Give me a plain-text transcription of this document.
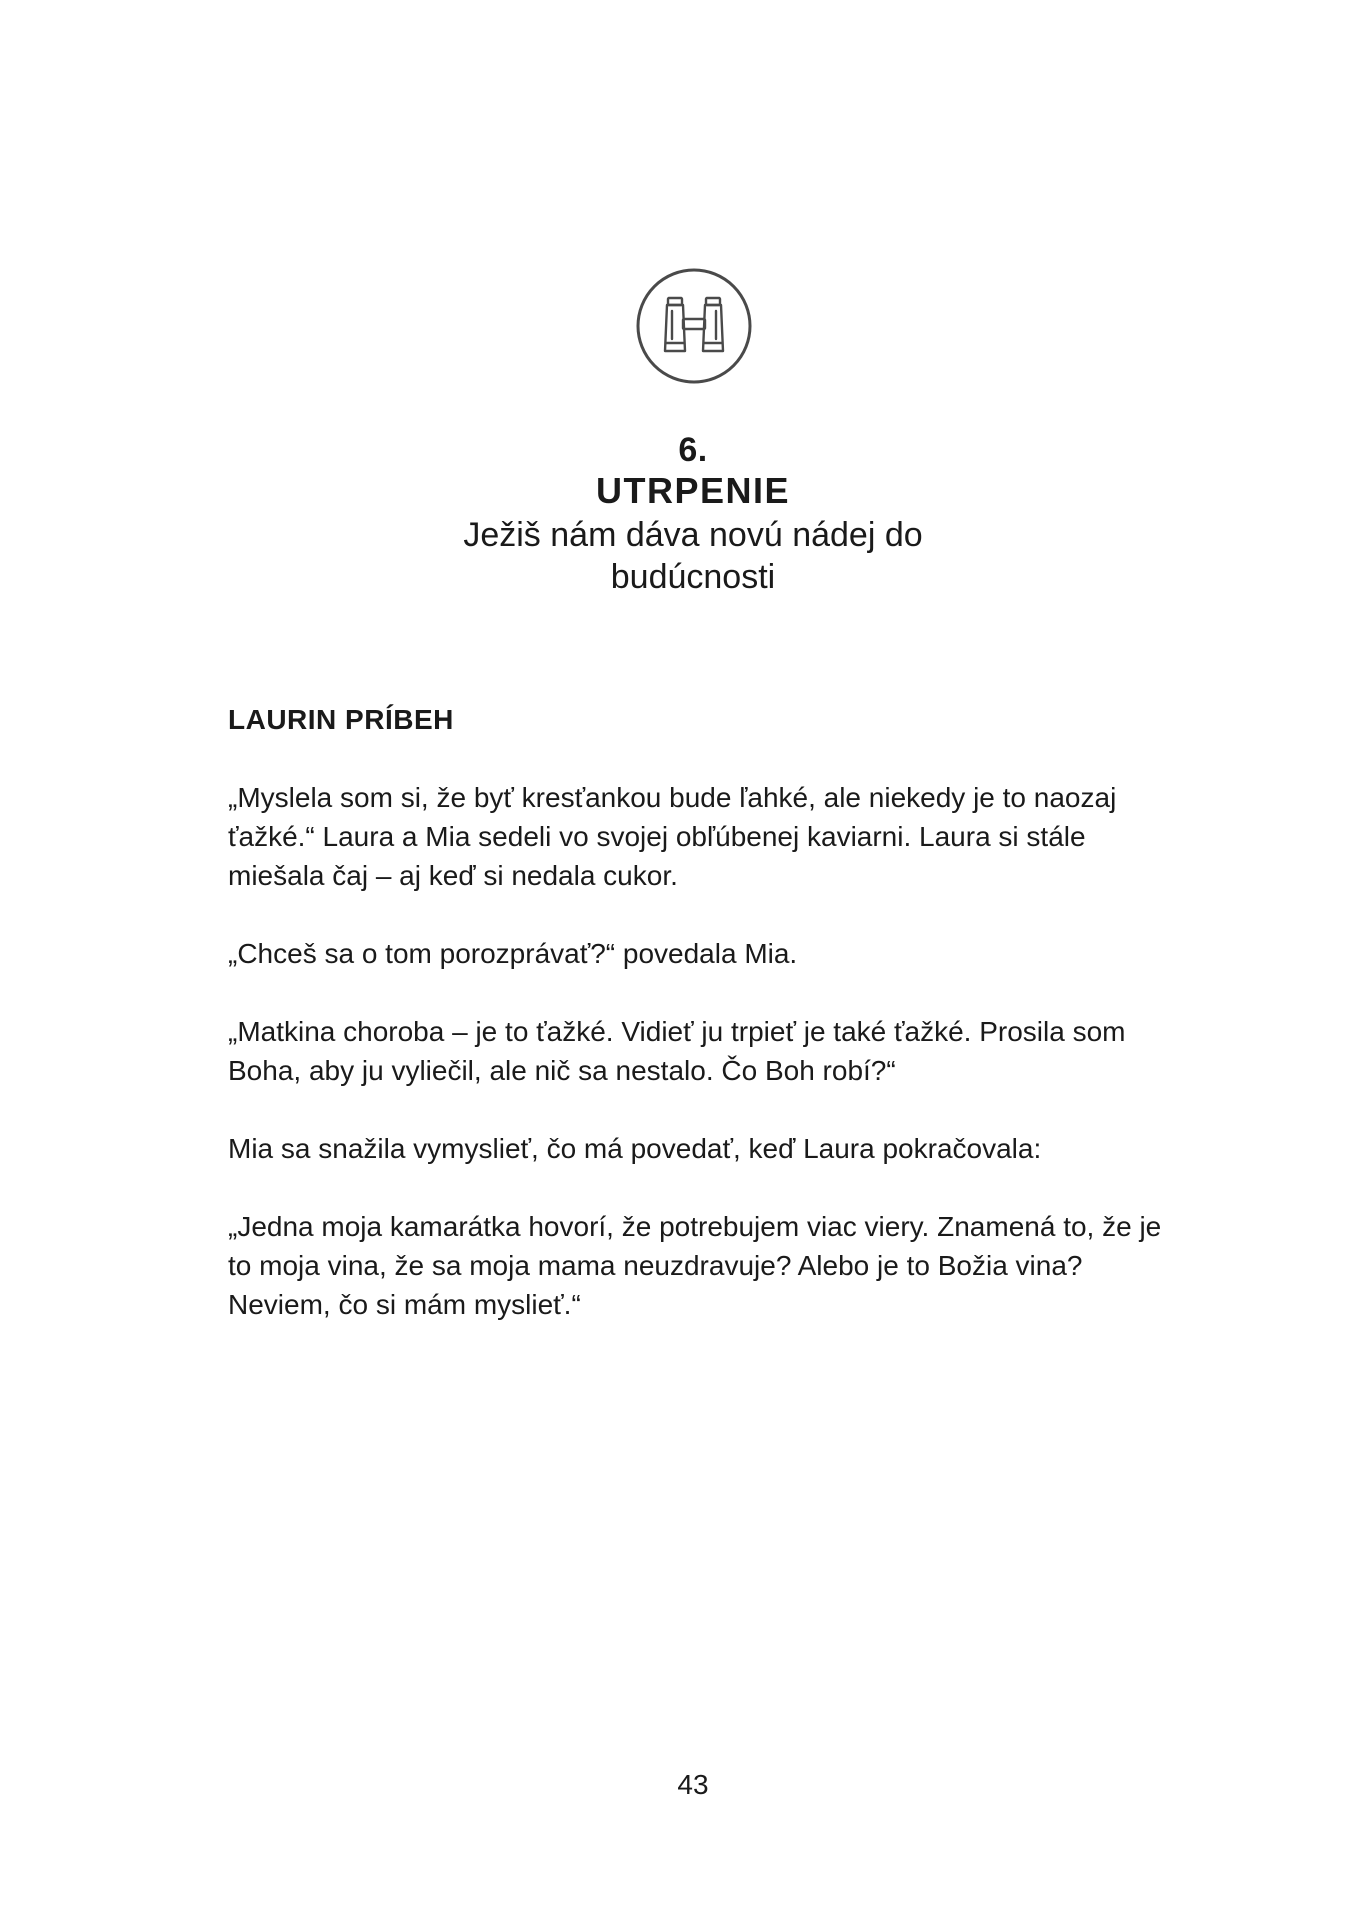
6.
UTRPENIE
Ježiš nám dáva novú nádej do budúcnosti
LAURIN PRÍBEH

„Myslela som si, že byť kresťankou bude ľahké, ale niekedy je to naozaj ťažké.“ Laura a Mia sedeli vo svojej obľúbenej kaviarni. Laura si stále miešala čaj – aj keď si nedala cukor.

„Chceš sa o tom porozprávať?“ povedala Mia.

„Matkina choroba – je to ťažké. Vidieť ju trpieť je také ťažké. Prosila som Boha, aby ju vyliečil, ale nič sa nestalo. Čo Boh robí?“

Mia sa snažila vymyslieť, čo má povedať, keď Laura pokračovala:

„Jedna moja kamarátka hovorí, že potrebujem viac viery. Znamená to, že je to moja vina, že sa moja mama neuzdravuje? Alebo je to Božia vina? Neviem, čo si mám myslieť.“

43
